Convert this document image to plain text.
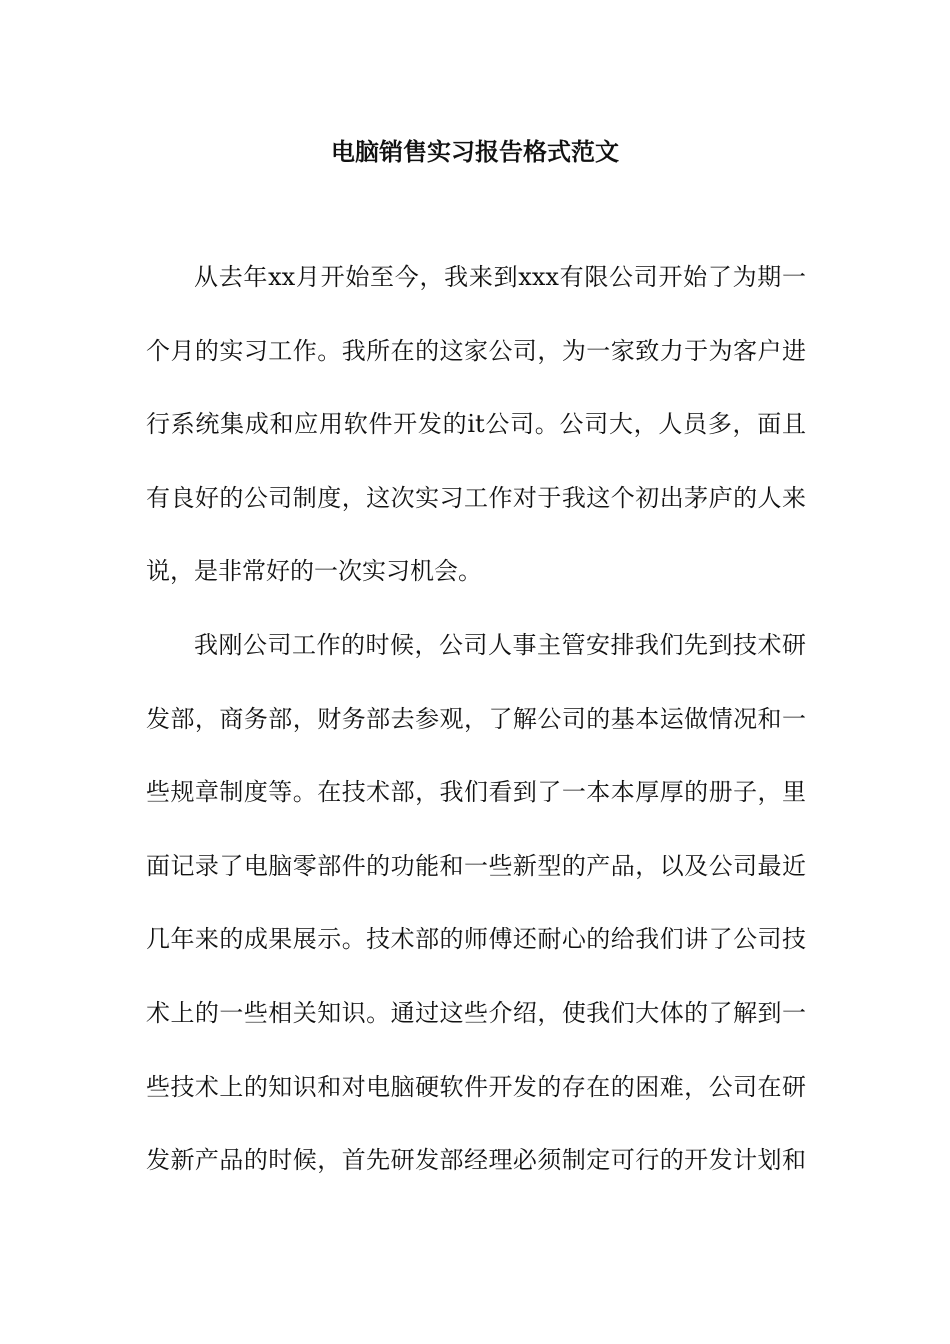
电脑销售实习报告格式范文
从去年xx月开始至今，我来到xxx有限公司开始了为期一
个月的实习工作。我所在的这家公司，为一家致力于为客户进
行系统集成和应用软件开发的it公司。公司大，人员多，面且
有良好的公司制度，这次实习工作对于我这个初出茅庐的人来
说，是非常好的一次实习机会。
我刚公司工作的时候，公司人事主管安排我们先到技术研
发部，商务部，财务部去参观，了解公司的基本运做情况和一
些规章制度等。在技术部，我们看到了一本本厚厚的册子，里
面记录了电脑零部件的功能和一些新型的产品，以及公司最近
几年来的成果展示。技术部的师傅还耐心的给我们讲了公司技
术上的一些相关知识。通过这些介绍，使我们大体的了解到一
些技术上的知识和对电脑硬软件开发的存在的困难，公司在研
发新产品的时候，首先研发部经理必须制定可行的开发计划和
